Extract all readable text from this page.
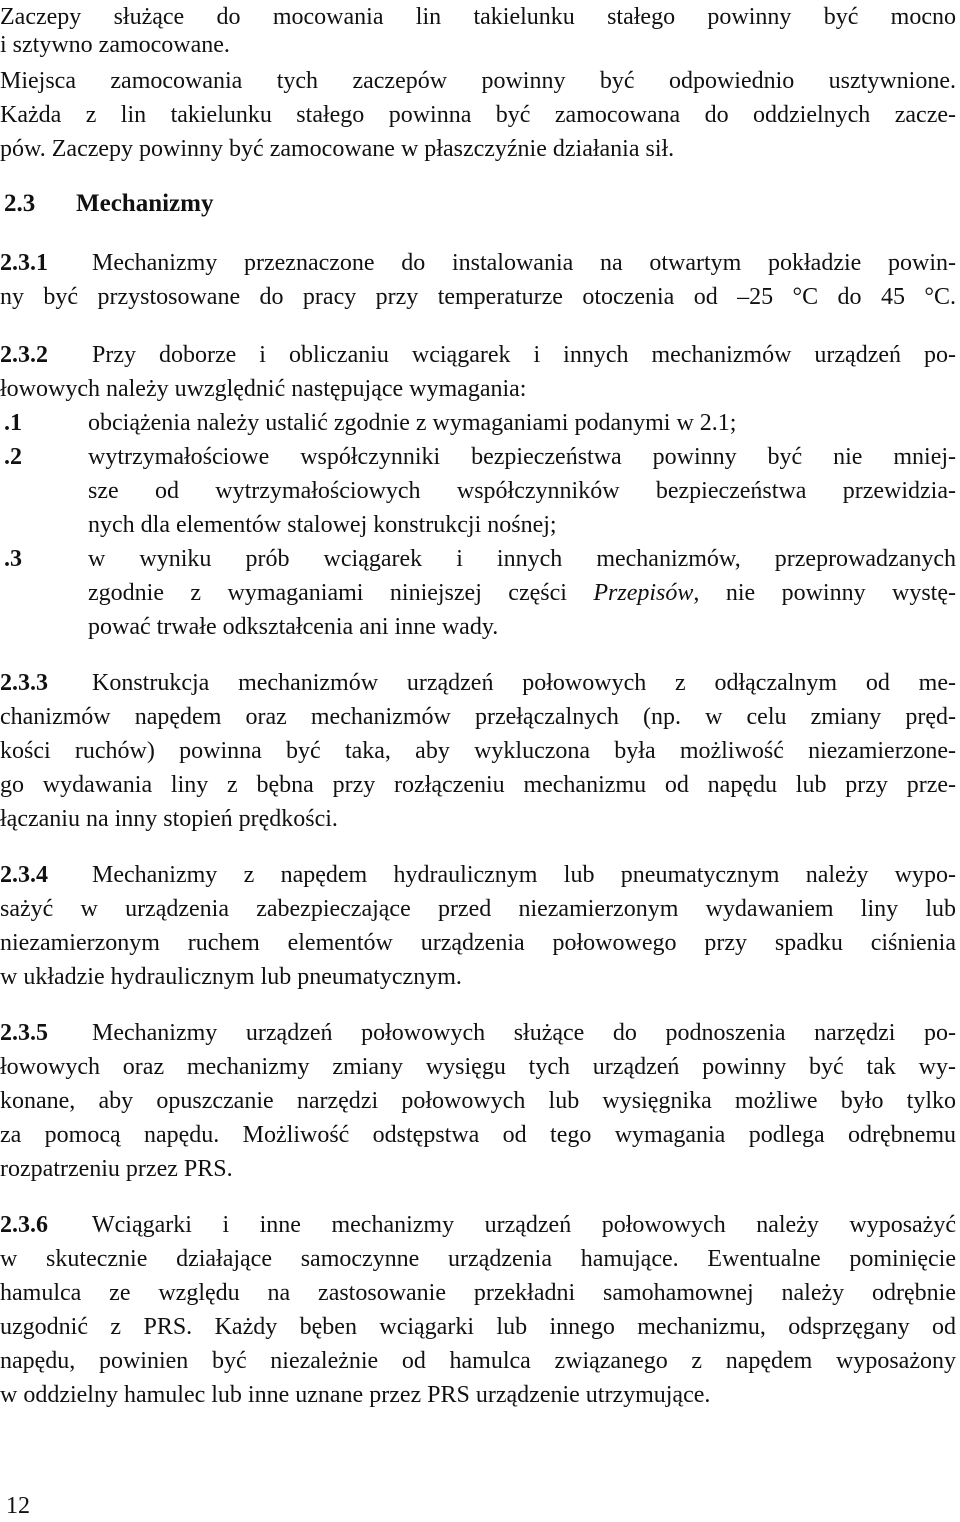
Zaczepy służące do mocowania lin takielunku stałego powinny być mocno
i sztywno zamocowane.
Miejsca zamocowania tych zaczepów powinny być odpowiednio usztywnione.
Każda z lin takielunku stałego powinna być zamocowana do oddzielnych zacze-
pów. Zaczepy powinny być zamocowane w płaszczyźnie działania sił.
2.3 Mechanizmy
2.3.1 Mechanizmy przeznaczone do instalowania na otwartym pokładzie powin-
ny być przystosowane do pracy przy temperaturze otoczenia od –25 °C do 45 °C.
2.3.2 Przy doborze i obliczaniu wciągarek i innych mechanizmów urządzeń po-
łowowych należy uwzględnić następujące wymagania:
.1	obciążenia należy ustalić zgodnie z wymaganiami podanymi w 2.1;
.2	wytrzymałościowe współczynniki bezpieczeństwa powinny być nie mniej-
sze od wytrzymałościowych współczynników bezpieczeństwa przewidzia-
nych dla elementów stalowej konstrukcji nośnej;
.3	w wyniku prób wciągarek i innych mechanizmów, przeprowadzanych
zgodnie z wymaganiami niniejszej części Przepisów, nie powinny wystę-
pować trwałe odkształcenia ani inne wady.
2.3.3 Konstrukcja mechanizmów urządzeń połowowych z odłączalnym od me-
chanizmów napędem oraz mechanizmów przełączalnych (np. w celu zmiany pręd-
kości ruchów) powinna być taka, aby wykluczona była możliwość niezamierzone-
go wydawania liny z bębna przy rozłączeniu mechanizmu od napędu lub przy prze-
łączaniu na inny stopień prędkości.
2.3.4 Mechanizmy z napędem hydraulicznym lub pneumatycznym należy wypo-
sażyć w urządzenia zabezpieczające przed niezamierzonym wydawaniem liny lub
niezamierzonym ruchem elementów urządzenia połowowego przy spadku ciśnienia
w układzie hydraulicznym lub pneumatycznym.
2.3.5 Mechanizmy urządzeń połowowych służące do podnoszenia narzędzi po-
łowowych oraz mechanizmy zmiany wysięgu tych urządzeń powinny być tak wy-
konane, aby opuszczanie narzędzi połowowych lub wysięgnika możliwe było tylko
za pomocą napędu. Możliwość odstępstwa od tego wymagania podlega odrębnemu
rozpatrzeniu przez PRS.
2.3.6 Wciągarki i inne mechanizmy urządzeń połowowych należy wyposażyć
w skutecznie działające samoczynne urządzenia hamujące. Ewentualne pominięcie
hamulca ze względu na zastosowanie przekładni samohamownej należy odrębnie
uzgodnić z PRS. Każdy bęben wciągarki lub innego mechanizmu, odsprzęgany od
napędu, powinien być niezależnie od hamulca związanego z napędem wyposażony
w oddzielny hamulec lub inne uznane przez PRS urządzenie utrzymujące.
12
